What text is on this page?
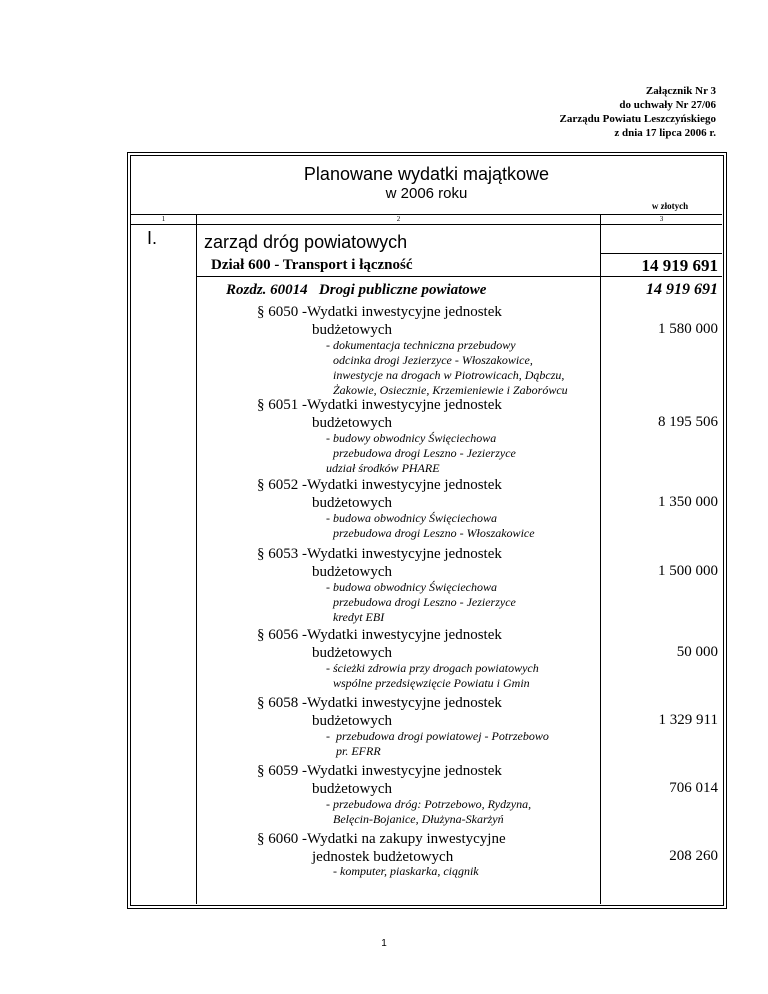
Załącznik Nr 3
do uchwały Nr 27/06
Zarządu Powiatu Leszczyńskiego
z dnia 17 lipca 2006 r.
Planowane wydatki majątkowe
w 2006 roku
w złotych
1	2	3
I.	zarząd dróg powiatowych
Dział 600 - Transport i łączność	14 919 691
Rozdz. 60014   Drogi publiczne powiatowe	14 919 691
§ 6050 -Wydatki inwestycyjne jednostek
budżetowych	1 580 000
- dokumentacja techniczna przebudowy
odcinka drogi Jezierzyce - Włoszakowice,
inwestycje na drogach w Piotrowicach, Dąbczu,
Żakowie, Osiecznie, Krzemieniewie i Zaborówcu
§ 6051 -Wydatki inwestycyjne jednostek
budżetowych	8 195 506
- budowy obwodnicy Święciechowa
przebudowa drogi Leszno - Jezierzyce
udział środków PHARE
§ 6052 -Wydatki inwestycyjne jednostek
budżetowych	1 350 000
- budowa obwodnicy Święciechowa
przebudowa drogi Leszno - Włoszakowice
§ 6053 -Wydatki inwestycyjne jednostek
budżetowych	1 500 000
- budowa obwodnicy Święciechowa
przebudowa drogi Leszno - Jezierzyce
kredyt EBI
§ 6056 -Wydatki inwestycyjne jednostek
budżetowych	50 000
- ścieżki zdrowia przy drogach powiatowych
wspólne przedsięwzięcie Powiatu i Gmin
§ 6058 -Wydatki inwestycyjne jednostek
budżetowych	1 329 911
-  przebudowa drogi powiatowej - Potrzebowo
pr. EFRR
§ 6059 -Wydatki inwestycyjne jednostek
budżetowych	706 014
- przebudowa dróg: Potrzebowo, Rydzyna,
Belęcin-Bojanice, Dłużyna-Skarżyń
§ 6060 -Wydatki na zakupy inwestycyjne
jednostek budżetowych	208 260
- komputer, piaskarka, ciągnik
1
